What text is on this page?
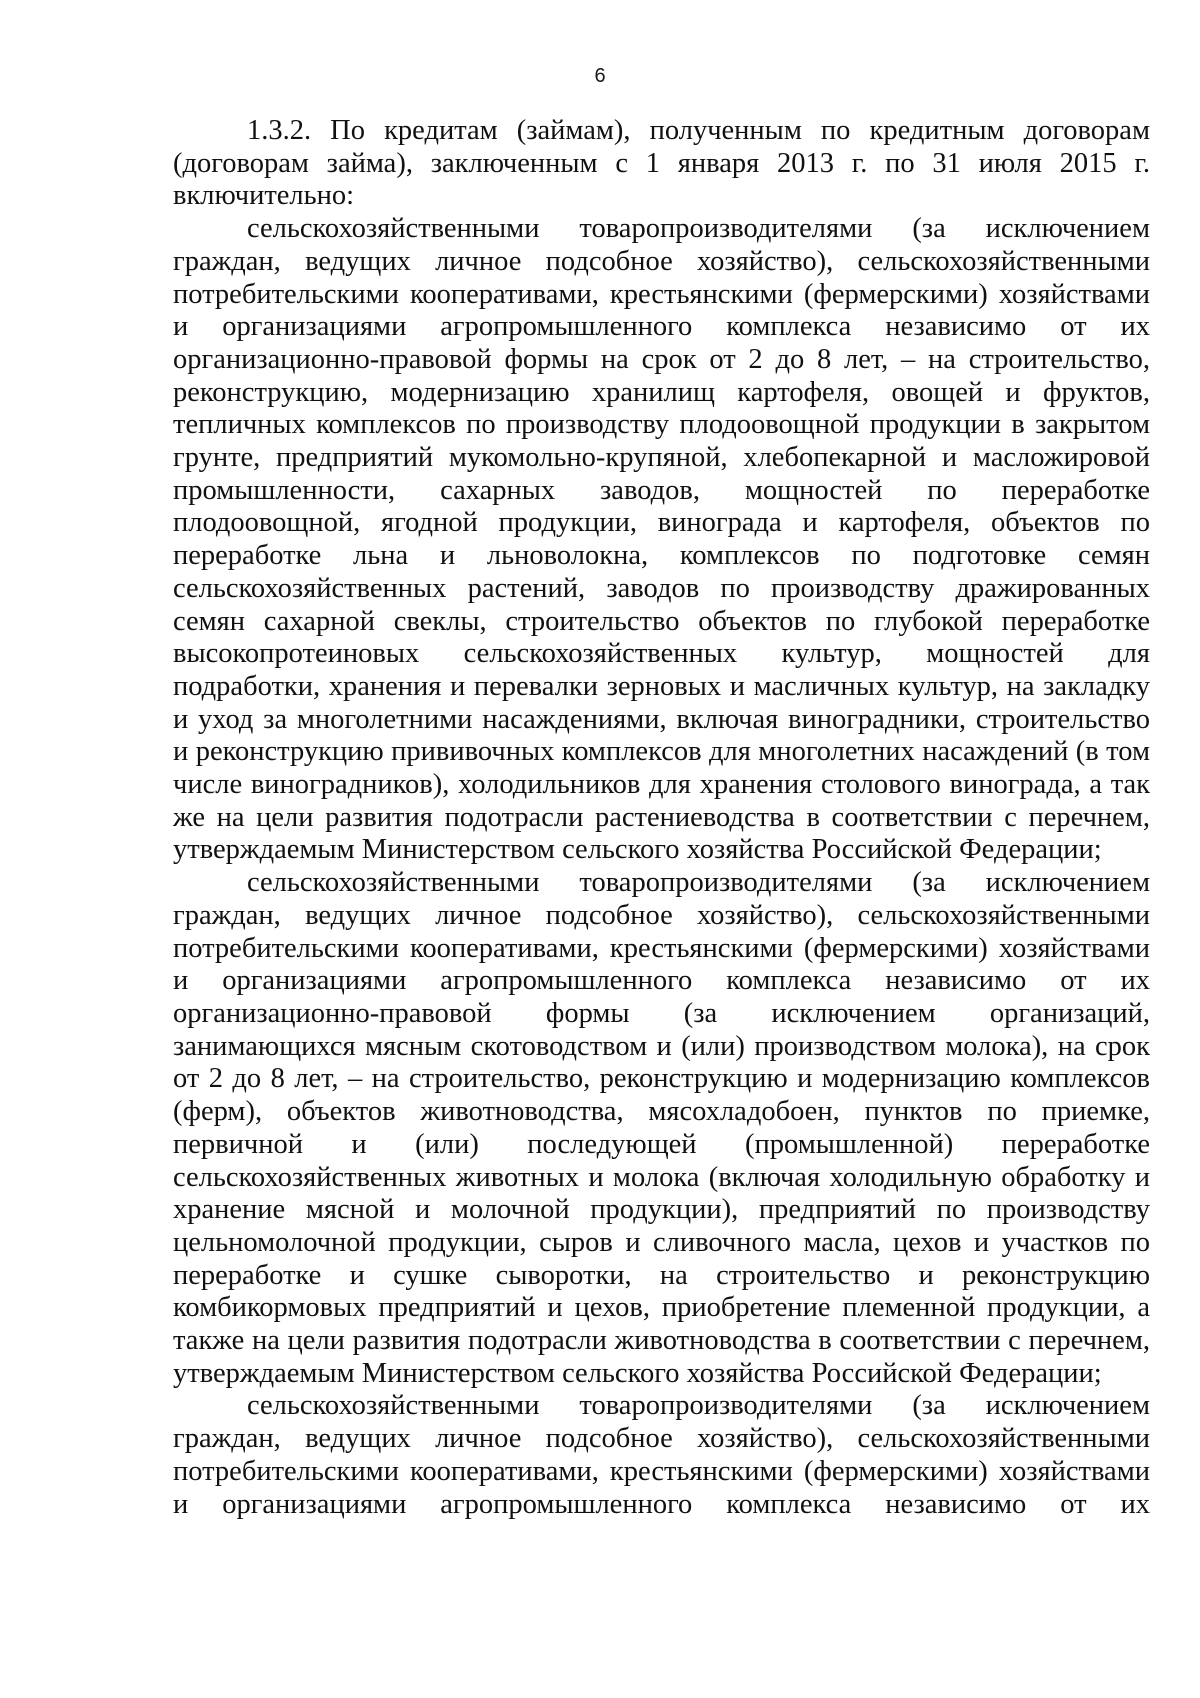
6

1.3.2. По кредитам (займам), полученным по кредитным договорам (договорам займа), заключенным с 1 января 2013 г. по 31 июля 2015 г. включительно:

сельскохозяйственными товаропроизводителями (за исключением граждан, ведущих личное подсобное хозяйство), сельскохозяйственными потребительскими кооперативами, крестьянскими (фермерскими) хозяйствами и организациями агропромышленного комплекса независимо от их организационно-правовой формы на срок от 2 до 8 лет, – на строительство, реконструкцию, модернизацию хранилищ картофеля, овощей и фруктов, тепличных комплексов по производству плодоовощной продукции в закрытом грунте, предприятий мукомольно-крупяной, хлебопекарной и масложировой промышленности, сахарных заводов, мощностей по переработке плодоовощной, ягодной продукции, винограда и картофеля, объектов по переработке льна и льноволокна, комплексов по подготовке семян сельскохозяйственных растений, заводов по производству дражированных семян сахарной свеклы, строительство объектов по глубокой переработке высокопротеиновых сельскохозяйственных культур, мощностей для подработки, хранения и перевалки зерновых и масличных культур, на закладку и уход за многолетними насаждениями, включая виноградники, строительство и реконструкцию прививочных комплексов для многолетних насаждений (в том числе виноградников), холодильников для хранения столового винограда, а так же на цели развития подотрасли растениеводства в соответствии с перечнем, утверждаемым Министерством сельского хозяйства Российской Федерации;

сельскохозяйственными товаропроизводителями (за исключением граждан, ведущих личное подсобное хозяйство), сельскохозяйственными потребительскими кооперативами, крестьянскими (фермерскими) хозяйствами и организациями агропромышленного комплекса независимо от их организационно-правовой формы (за исключением организаций, занимающихся мясным скотоводством и (или) производством молока), на срок от 2 до 8 лет, – на строительство, реконструкцию и модернизацию комплексов (ферм), объектов животноводства, мясохладобоен, пунктов по приемке, первичной и (или) последующей (промышленной) переработке сельскохозяйственных животных и молока (включая холодильную обработку и хранение мясной и молочной продукции), предприятий по производству цельномолочной продукции, сыров и сливочного масла, цехов и участков по переработке и сушке сыворотки, на строительство и реконструкцию комбикормовых предприятий и цехов, приобретение племенной продукции, а также на цели развития подотрасли животноводства в соответствии с перечнем, утверждаемым Министерством сельского хозяйства Российской Федерации;

сельскохозяйственными товаропроизводителями (за исключением граждан, ведущих личное подсобное хозяйство), сельскохозяйственными потребительскими кооперативами, крестьянскими (фермерскими) хозяйствами и организациями агропромышленного комплекса независимо от их
